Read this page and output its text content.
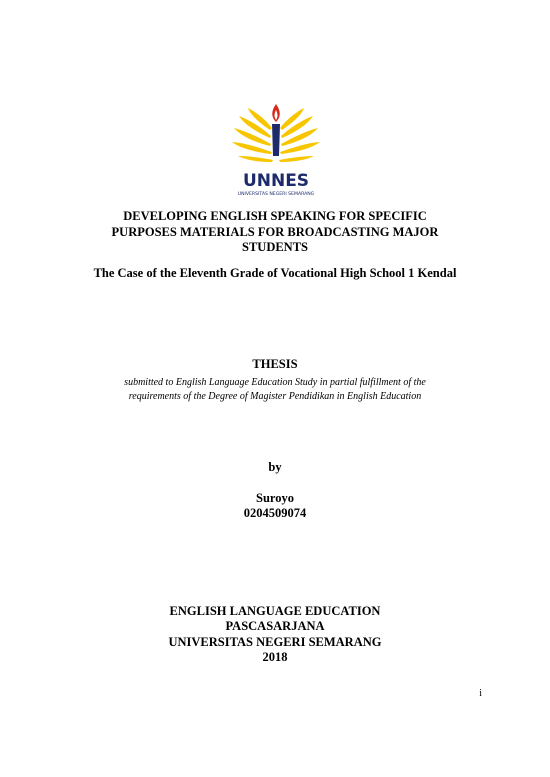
UNNES
UNIVERSITAS NEGERI SEMARANG
DEVELOPING ENGLISH SPEAKING FOR SPECIFIC
PURPOSES MATERIALS FOR BROADCASTING MAJOR
STUDENTS
The Case of the Eleventh Grade of Vocational High School 1 Kendal
THESIS
submitted to English Language Education Study in partial fulfillment of the
requirements of the Degree of Magister Pendidikan in English Education
by
Suroyo
0204509074
ENGLISH LANGUAGE EDUCATION
PASCASARJANA
UNIVERSITAS NEGERI SEMARANG
2018
i
